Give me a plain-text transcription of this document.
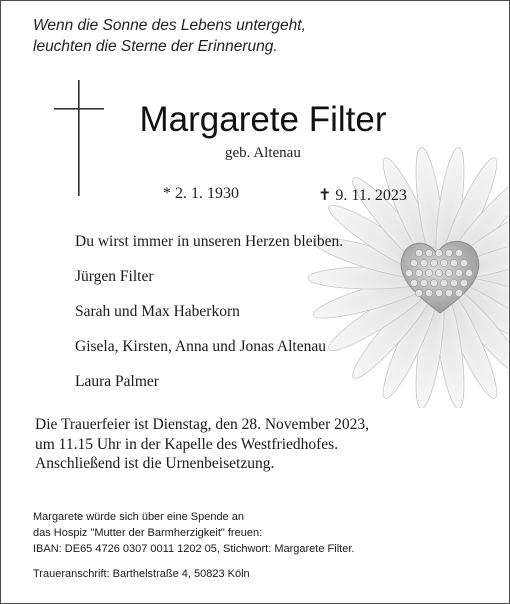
Wenn die Sonne des Lebens untergeht,
leuchten die Sterne der Erinnerung.
Margarete Filter
geb. Altenau
* 2. 1. 1930	✝ 9. 11. 2023
Du wirst immer in unseren Herzen bleiben.
Jürgen Filter
Sarah und Max Haberkorn
Gisela, Kirsten, Anna und Jonas Altenau
Laura Palmer
Die Trauerfeier ist Dienstag, den 28. November 2023,
um 11.15 Uhr in der Kapelle des Westfriedhofes.
Anschließend ist die Urnenbeisetzung.
Margarete würde sich über eine Spende an
das Hospiz "Mutter der Barmherzigkeit" freuen:
IBAN: DE65 4726 0307 0011 1202 05, Stichwort: Margarete Filter.
Traueranschrift: Barthelstraße 4, 50823 Köln
